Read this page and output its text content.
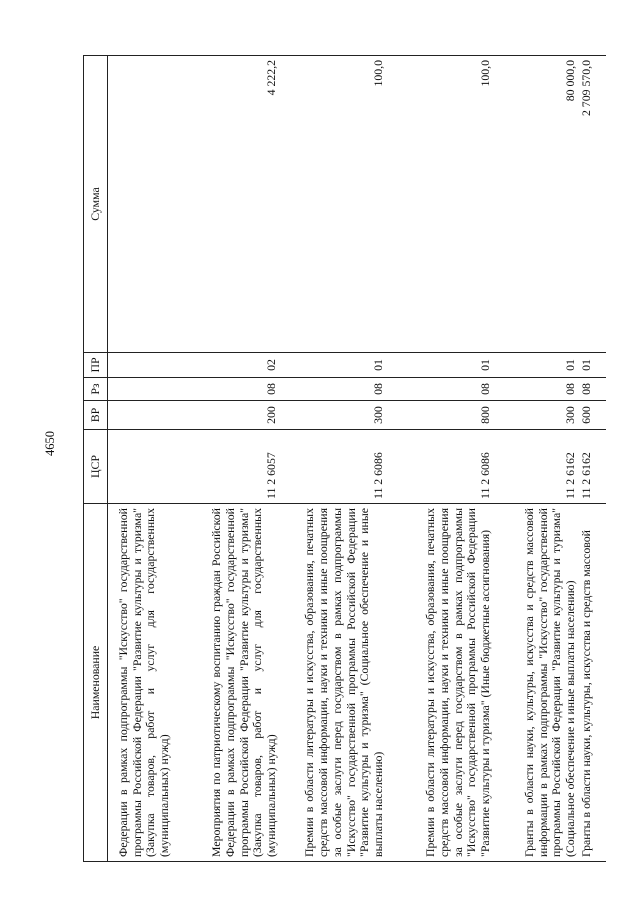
4650
Наименование	ЦСР	ВР	Рз	ПР	Сумма
Федерации в рамках подпрограммы "Искусство" государственной программы Российской Федерации "Развитие культуры и туризма" (Закупка товаров, работ и услуг для государственных (муниципальных) нужд)					
Мероприятия по патриотическому воспитанию граждан Российской Федерации в рамках подпрограммы "Искусство" государственной программы Российской Федерации "Развитие культуры и туризма" (Закупка товаров, работ и услуг для государственных (муниципальных) нужд)	11 2 6057	200	08	02	4 222,2
Премии в области литературы и искусства, образования, печатных средств массовой информации, науки и техники и иные поощрения за особые заслуги перед государством в рамках подпрограммы "Искусство" государственной программы Российской Федерации "Развитие культуры и туризма" (Социальное обеспечение и иные выплаты населению)	11 2 6086	300	08	01	100,0
Премии в области литературы и искусства, образования, печатных средств массовой информации, науки и техники и иные поощрения за особые заслуги перед государством в рамках подпрограммы "Искусство" государственной программы Российской Федерации "Развитие культуры и туризма" (Иные бюджетные ассигнования)	11 2 6086	800	08	01	100,0
Гранты в области науки, культуры, искусства и средств массовой информации в рамках подпрограммы "Искусство" государственной программы Российской Федерации "Развитие культуры и туризма" (Социальное обеспечение и иные выплаты населению)	11 2 6162	300	08	01	80 000,0
Гранты в области науки, культуры, искусства и средств массовой	11 2 6162	600	08	01	2 709 570,0
